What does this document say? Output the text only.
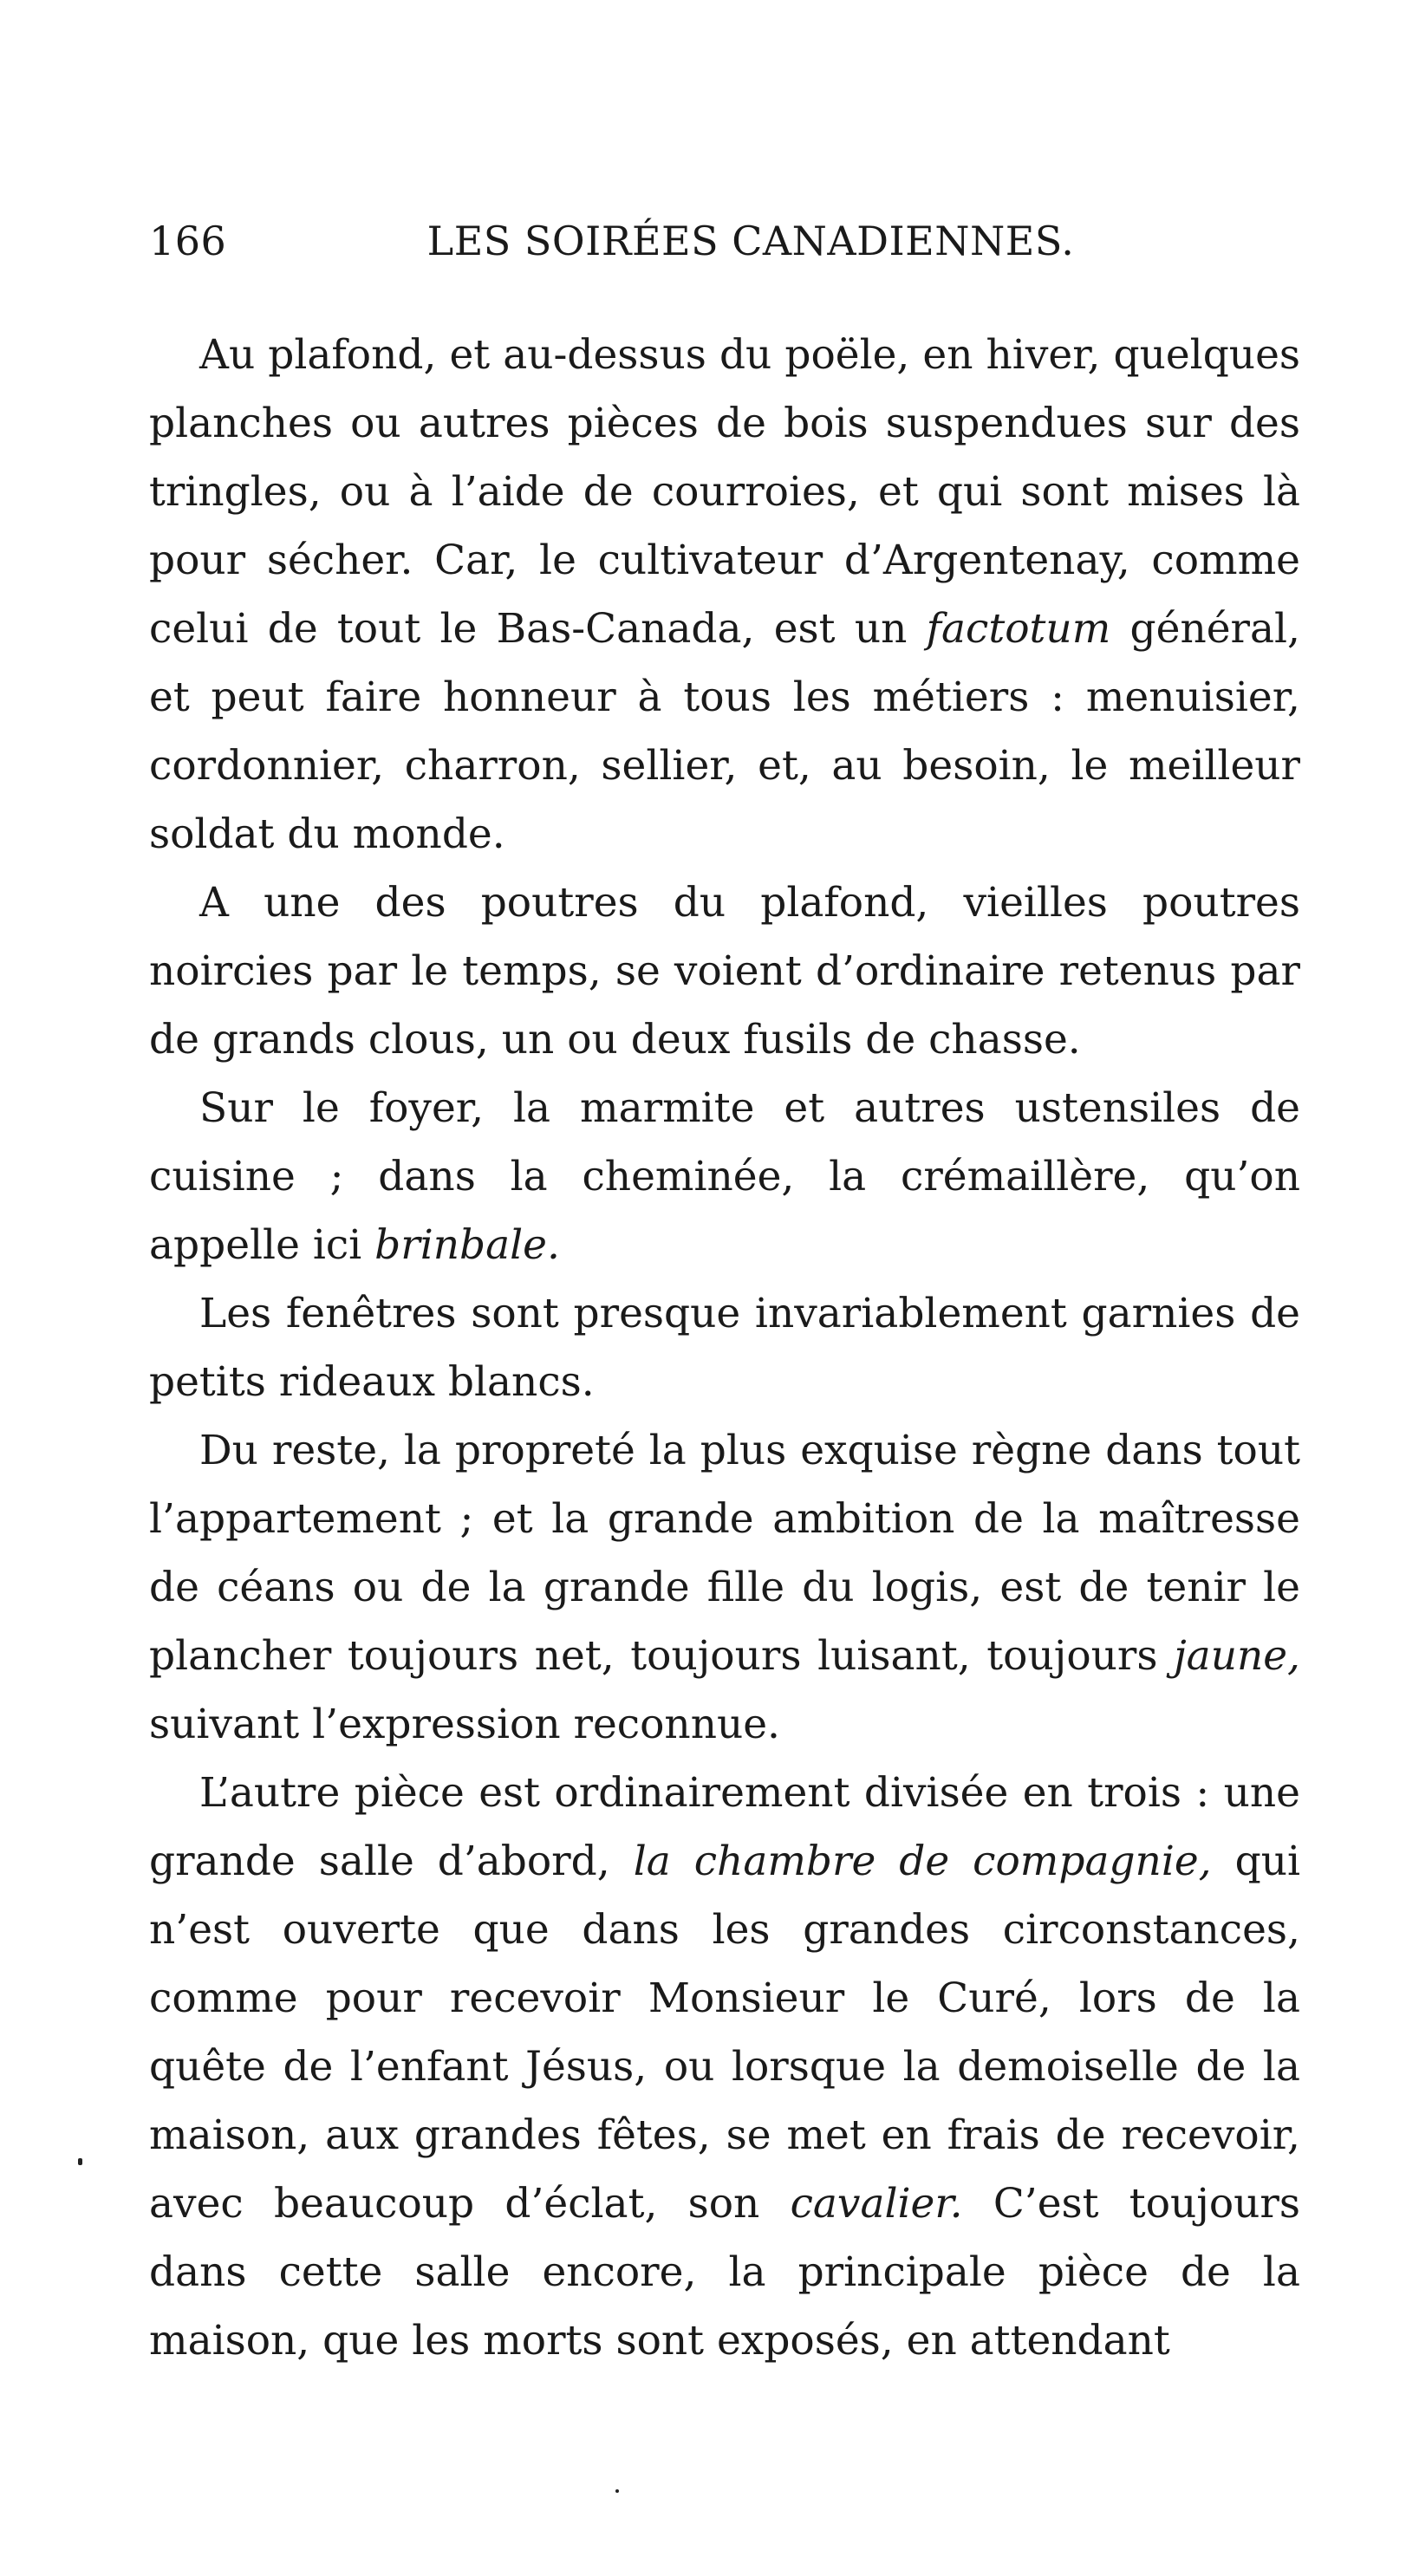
166	LES SOIRÉES CANADIENNES.

Au plafond, et au-dessus du poële, en hiver, quelques planches ou autres pièces de bois suspendues sur des tringles, ou à l’aide de courroies, et qui sont mises là pour sécher. Car, le cultivateur d’Argentenay, comme celui de tout le Bas-Canada, est un factotum général, et peut faire honneur à tous les métiers : menuisier, cordonnier, charron, sellier, et, au besoin, le meilleur soldat du monde.

A une des poutres du plafond, vieilles poutres noircies par le temps, se voient d’ordinaire retenus par de grands clous, un ou deux fusils de chasse.

Sur le foyer, la marmite et autres ustensiles de cuisine ; dans la cheminée, la crémaillère, qu’on appelle ici brinbale.

Les fenêtres sont presque invariablement garnies de petits rideaux blancs.

Du reste, la propreté la plus exquise règne dans tout l’appartement ; et la grande ambition de la maîtresse de céans ou de la grande fille du logis, est de tenir le plancher toujours net, toujours luisant, toujours jaune, suivant l’expression reconnue.

L’autre pièce est ordinairement divisée en trois : une grande salle d’abord, la chambre de compagnie, qui n’est ouverte que dans les grandes circonstances, comme pour recevoir Monsieur le Curé, lors de la quête de l’enfant Jésus, ou lorsque la demoiselle de la maison, aux grandes fêtes, se met en frais de recevoir, avec beaucoup d’éclat, son cavalier. C’est toujours dans cette salle encore, la principale pièce de la maison, que les morts sont exposés, en attendant
